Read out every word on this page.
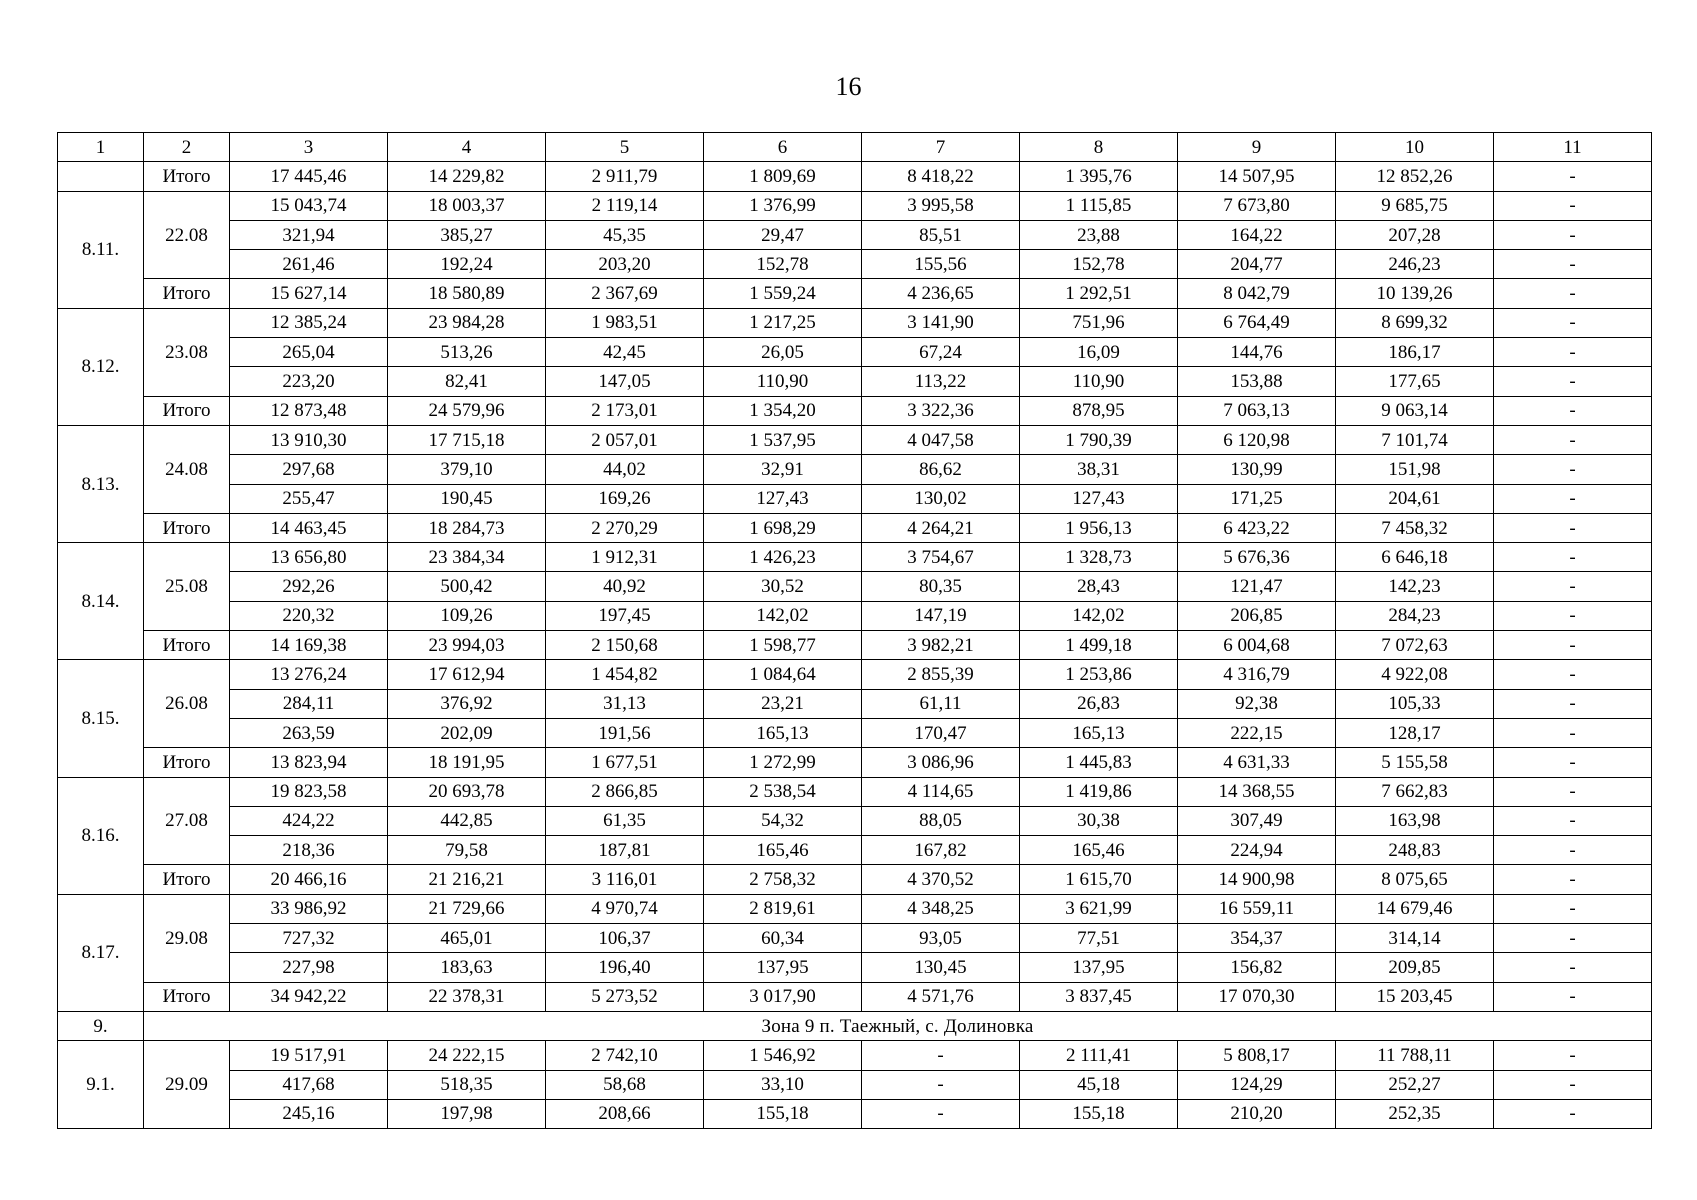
16
1	2	3	4	5	6	7	8	9	10	11
	Итого	17 445,46	14 229,82	2 911,79	1 809,69	8 418,22	1 395,76	14 507,95	12 852,26	-
8.11.	22.08	15 043,74	18 003,37	2 119,14	1 376,99	3 995,58	1 115,85	7 673,80	9 685,75	-
		321,94	385,27	45,35	29,47	85,51	23,88	164,22	207,28	-
		261,46	192,24	203,20	152,78	155,56	152,78	204,77	246,23	-
	Итого	15 627,14	18 580,89	2 367,69	1 559,24	4 236,65	1 292,51	8 042,79	10 139,26	-
8.12.	23.08	12 385,24	23 984,28	1 983,51	1 217,25	3 141,90	751,96	6 764,49	8 699,32	-
		265,04	513,26	42,45	26,05	67,24	16,09	144,76	186,17	-
		223,20	82,41	147,05	110,90	113,22	110,90	153,88	177,65	-
	Итого	12 873,48	24 579,96	2 173,01	1 354,20	3 322,36	878,95	7 063,13	9 063,14	-
8.13.	24.08	13 910,30	17 715,18	2 057,01	1 537,95	4 047,58	1 790,39	6 120,98	7 101,74	-
		297,68	379,10	44,02	32,91	86,62	38,31	130,99	151,98	-
		255,47	190,45	169,26	127,43	130,02	127,43	171,25	204,61	-
	Итого	14 463,45	18 284,73	2 270,29	1 698,29	4 264,21	1 956,13	6 423,22	7 458,32	-
8.14.	25.08	13 656,80	23 384,34	1 912,31	1 426,23	3 754,67	1 328,73	5 676,36	6 646,18	-
		292,26	500,42	40,92	30,52	80,35	28,43	121,47	142,23	-
		220,32	109,26	197,45	142,02	147,19	142,02	206,85	284,23	-
	Итого	14 169,38	23 994,03	2 150,68	1 598,77	3 982,21	1 499,18	6 004,68	7 072,63	-
8.15.	26.08	13 276,24	17 612,94	1 454,82	1 084,64	2 855,39	1 253,86	4 316,79	4 922,08	-
		284,11	376,92	31,13	23,21	61,11	26,83	92,38	105,33	-
		263,59	202,09	191,56	165,13	170,47	165,13	222,15	128,17	-
	Итого	13 823,94	18 191,95	1 677,51	1 272,99	3 086,96	1 445,83	4 631,33	5 155,58	-
8.16.	27.08	19 823,58	20 693,78	2 866,85	2 538,54	4 114,65	1 419,86	14 368,55	7 662,83	-
		424,22	442,85	61,35	54,32	88,05	30,38	307,49	163,98	-
		218,36	79,58	187,81	165,46	167,82	165,46	224,94	248,83	-
	Итого	20 466,16	21 216,21	3 116,01	2 758,32	4 370,52	1 615,70	14 900,98	8 075,65	-
8.17.	29.08	33 986,92	21 729,66	4 970,74	2 819,61	4 348,25	3 621,99	16 559,11	14 679,46	-
		727,32	465,01	106,37	60,34	93,05	77,51	354,37	314,14	-
		227,98	183,63	196,40	137,95	130,45	137,95	156,82	209,85	-
	Итого	34 942,22	22 378,31	5 273,52	3 017,90	4 571,76	3 837,45	17 070,30	15 203,45	-
9.	Зона 9 п. Таежный, с. Долиновка									
9.1.	29.09	19 517,91	24 222,15	2 742,10	1 546,92	-	2 111,41	5 808,17	11 788,11	-
		417,68	518,35	58,68	33,10	-	45,18	124,29	252,27	-
		245,16	197,98	208,66	155,18	-	155,18	210,20	252,35	-
